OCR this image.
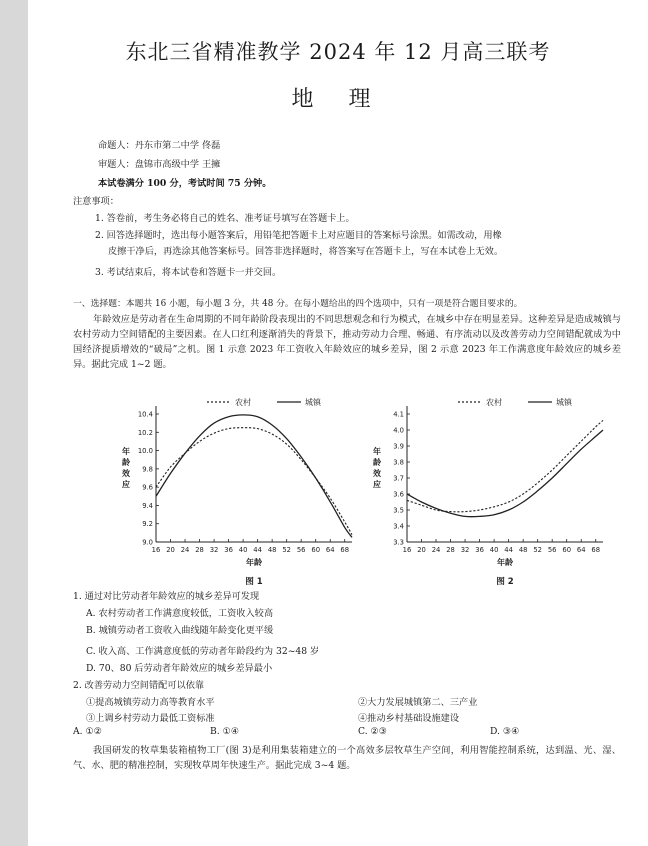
东北三省精准教学 2024 年 12 月高三联考
地 理
命题人：丹东市第二中学 佟磊
审题人：盘锦市高级中学 王擁
本试卷满分 100 分，考试时间 75 分钟。
注意事项：
1. 答卷前，考生务必将自己的姓名、准考证号填写在答题卡上。
2. 回答选择题时，选出每小题答案后，用铅笔把答题卡上对应题目的答案标号涂黑。如需改动，用橡
皮擦干净后，再选涂其他答案标号。回答非选择题时，将答案写在答题卡上，写在本试卷上无效。
3. 考试结束后，将本试卷和答题卡一并交回。
一、选择题：本题共 16 小题，每小题 3 分，共 48 分。在每小题给出的四个选项中，只有一项是符合题目要求的。
年龄效应是劳动者在生命周期的不同年龄阶段表现出的不同思想观念和行为模式，在城乡中存在明显差异。这种差异是造成城镇与农村劳动力空间错配的主要因素。在人口红利逐渐消失的背景下，推动劳动力合理、畅通、有序流动以及改善劳动力空间错配就成为中国经济提质增效的“破局”之机。图 1 示意 2023 年工资收入年龄效应的城乡差异，图 2 示意 2023 年工作满意度年龄效应的城乡差异。据此完成 1~2 题。
农村	城镇
9.0
9.2
9.4
9.6
9.8
10.0
10.2
10.4
16 20 24 28 32 36 40 44 48 52 56 60 64 68
年龄效应
年龄
图 1
农村	城镇
3.3
3.4
3.5
3.6
3.7
3.8
3.9
4.0
4.1
16 20 24 28 32 36 40 44 48 52 56 60 64 68
年龄效应
年龄
图 2
1. 通过对比劳动者年龄效应的城乡差异可发现
A. 农村劳动者工作满意度较低，工资收入较高
B. 城镇劳动者工资收入曲线随年龄变化更平缓
C. 收入高、工作满意度低的劳动者年龄段约为 32~48 岁
D. 70、80 后劳动者年龄效应的城乡差异最小
2. 改善劳动力空间错配可以依靠
①提高城镇劳动力高等教育水平	②大力发展城镇第二、三产业
③上调乡村劳动力最低工资标准	④推动乡村基础设施建设
A. ①②	B. ①④	C. ②③	D. ③④
我国研发的牧草集装箱植物工厂(图 3)是利用集装箱建立的一个高效多层牧草生产空间，利用智能控制系统，达到温、光、湿、气、水、肥的精准控制，实现牧草周年快速生产。据此完成 3~4 题。
